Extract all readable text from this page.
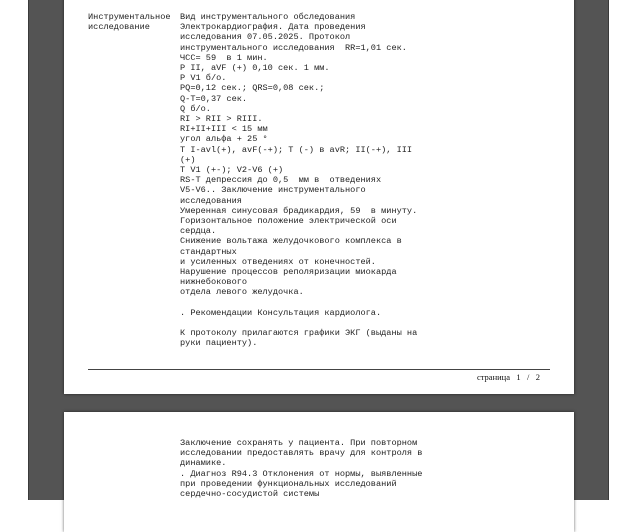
Инструментальное
исследование
Вид инструментального обследования
Электрокардиография. Дата проведения
исследования 07.05.2025. Протокол
инструментального исследования  RR=1,01 сек.
ЧСС= 59  в 1 мин.
P II, aVF (+) 0,10 сек. 1 мм.
P V1 б/о.
PQ=0,12 сек.; QRS=0,08 сек.;
Q-T=0,37 сек.
Q б/о.
RI > RII > RIII.
RI+II+III < 15 мм
угол альфа + 25 °
T I-avl(+), avF(-+); T (-) в avR; II(-+), III
(+)
T V1 (+-); V2-V6 (+)
RS-T депрессия до 0,5  мм в  отведениях
V5-V6.. Заключение инструментального
исследования
Умеренная синусовая брадикардия, 59  в минуту.
Горизонтальное положение электрической оси
сердца.
Снижение вольтажа желудочкового комплекса в
стандартных
и усиленных отведениях от конечностей.
Нарушение процессов реполяризации миокарда
нижнебокового
отдела левого желудочка.
. Рекомендации Консультация кардиолога.
К протоколу прилагаются графики ЭКГ (выданы на
руки пациенту).
страница 1 / 2
Заключение сохранять у пациента. При повторном
исследовании предоставлять врачу для контроля в
динамике.
. Диагноз R94.3 Отклонения от нормы, выявленные
при проведении функциональных исследований
сердечно-сосудистой системы
